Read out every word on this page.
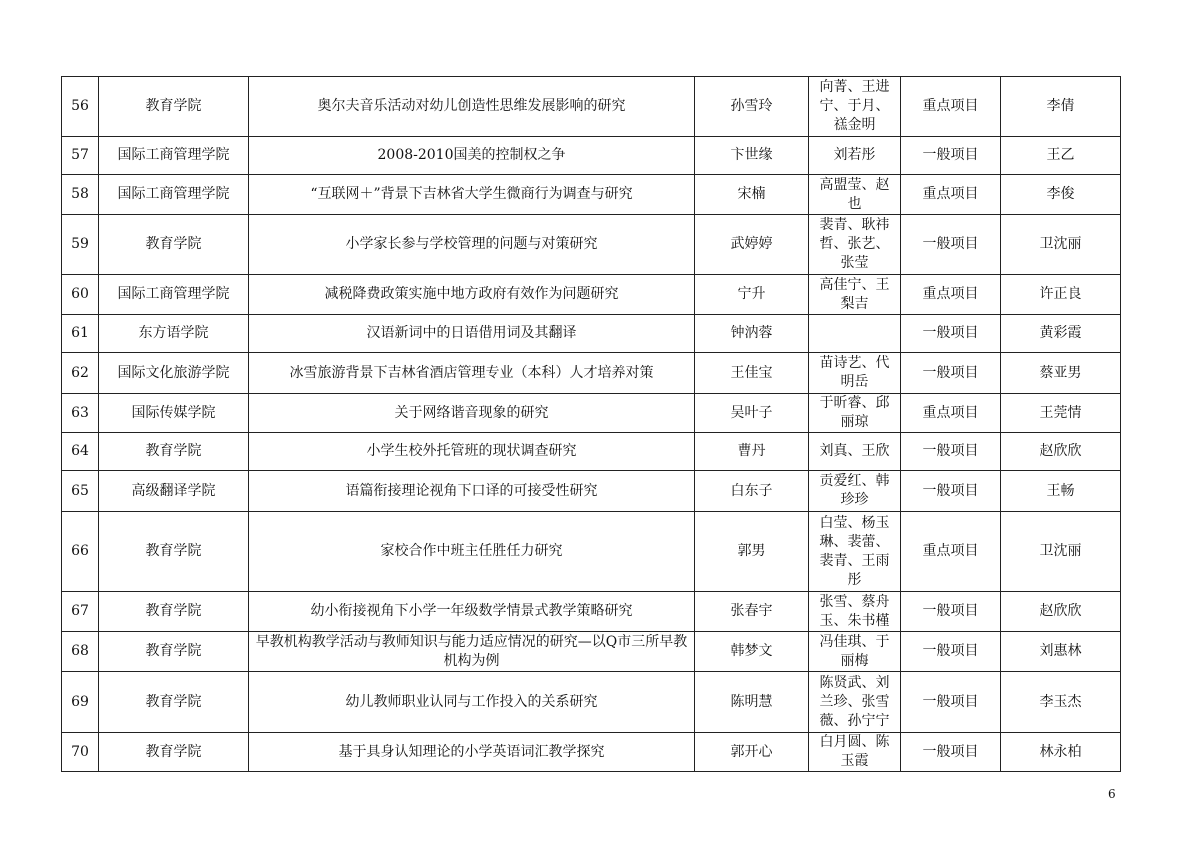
56	教育学院	奥尔夫音乐活动对幼儿创造性思维发展影响的研究	孙雪玲	向菁、王进宁、于月、禚金明	重点项目	李倩
57	国际工商管理学院	2008-2010国美的控制权之争	卞世缘	刘若彤	一般项目	王乙
58	国际工商管理学院	“互联网＋”背景下吉林省大学生微商行为调查与研究	宋楠	高盟莹、赵也	重点项目	李俊
59	教育学院	小学家长参与学校管理的问题与对策研究	武婷婷	裴青、耿祎哲、张艺、张莹	一般项目	卫沈丽
60	国际工商管理学院	减税降费政策实施中地方政府有效作为问题研究	宁升	高佳宁、王梨吉	重点项目	许正良
61	东方语学院	汉语新词中的日语借用词及其翻译	钟汭蓉		一般项目	黄彩霞
62	国际文化旅游学院	冰雪旅游背景下吉林省酒店管理专业（本科）人才培养对策	王佳宝	苗诗艺、代明岳	一般项目	蔡亚男
63	国际传媒学院	关于网络谐音现象的研究	吴叶子	于昕睿、邱丽琼	重点项目	王莞情
64	教育学院	小学生校外托管班的现状调查研究	曹丹	刘真、王欣	一般项目	赵欣欣
65	高级翻译学院	语篇衔接理论视角下口译的可接受性研究	白东子	贡爱红、韩珍珍	一般项目	王畅
66	教育学院	家校合作中班主任胜任力研究	郭男	白莹、杨玉琳、裴蕾、裴青、王雨彤	重点项目	卫沈丽
67	教育学院	幼小衔接视角下小学一年级数学情景式教学策略研究	张春宇	张雪、蔡舟玉、朱书槿	一般项目	赵欣欣
68	教育学院	早教机构教学活动与教师知识与能力适应情况的研究—以Q市三所早教机构为例	韩梦文	冯佳琪、于丽梅	一般项目	刘惠林
69	教育学院	幼儿教师职业认同与工作投入的关系研究	陈明慧	陈贤武、刘兰珍、张雪薇、孙宁宁	一般项目	李玉杰
70	教育学院	基于具身认知理论的小学英语词汇教学探究	郭开心	白月圆、陈玉霞	一般项目	林永柏
6
